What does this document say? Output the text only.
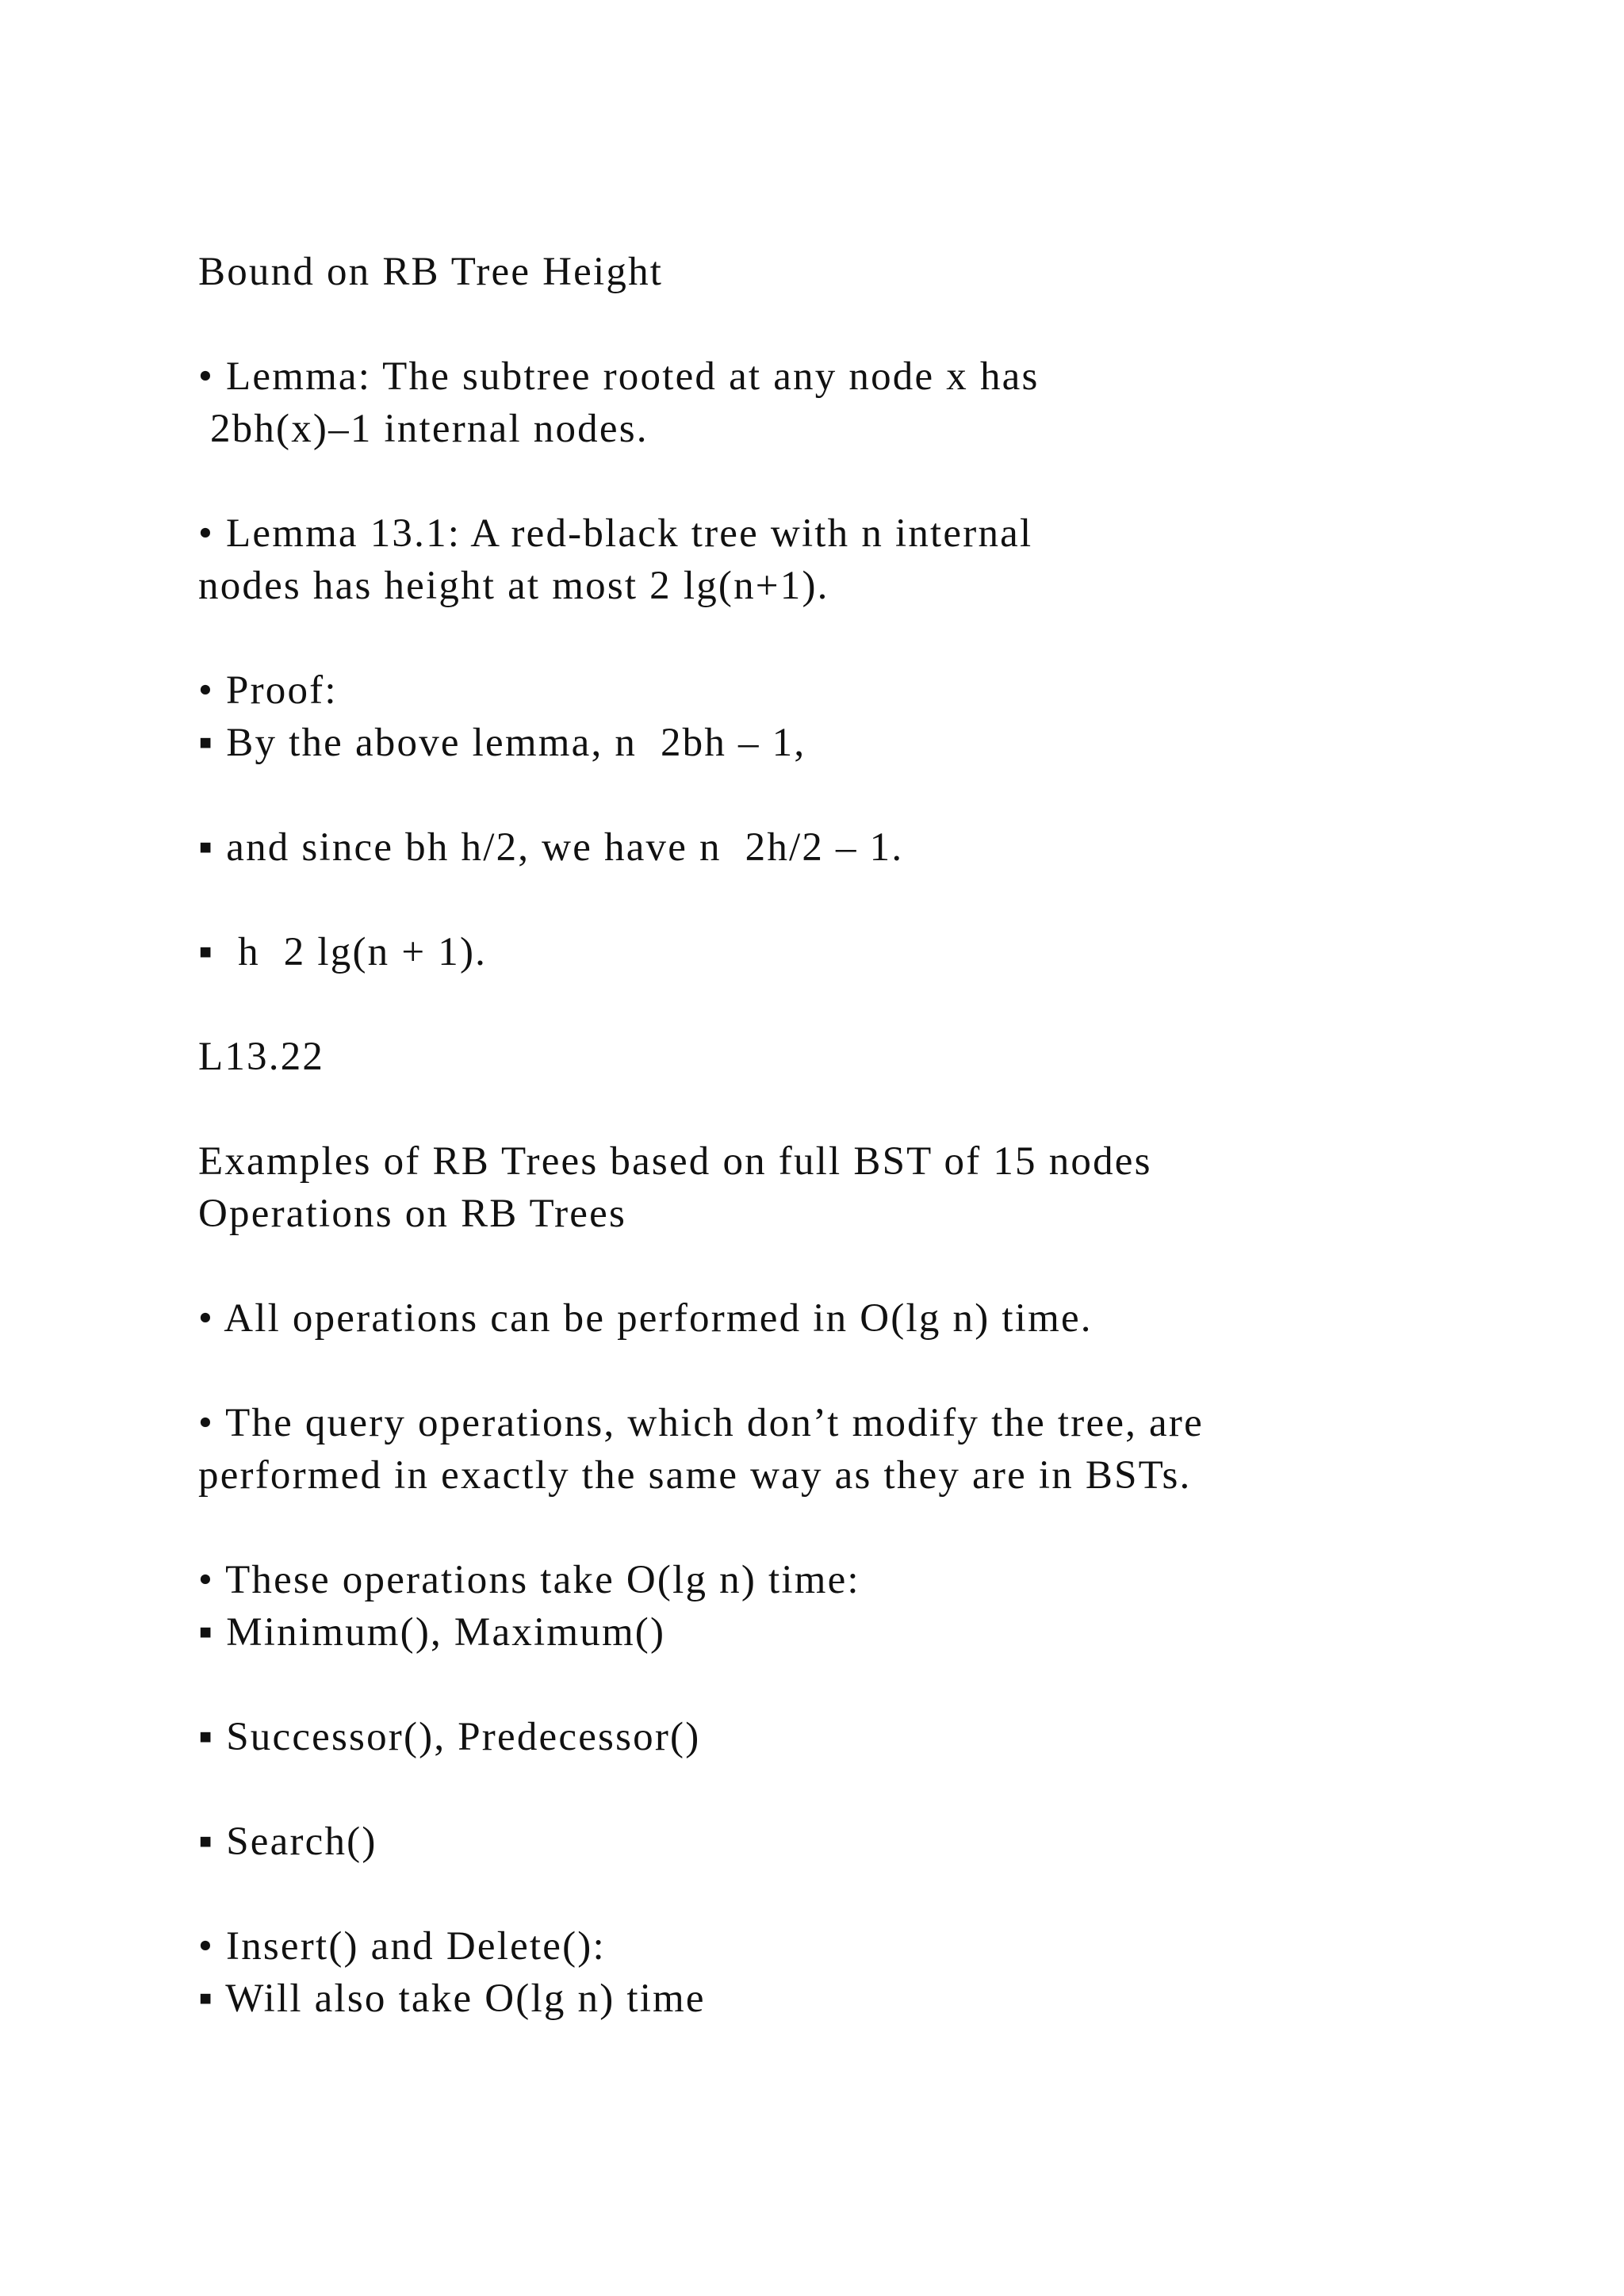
Bound on RB Tree Height
• Lemma: The subtree rooted at any node x has
2bh(x)–1 internal nodes.
• Lemma 13.1: A red-black tree with n internal
nodes has height at most 2 lg(n+1).
• Proof:
▪ By the above lemma, n  2bh – 1,
▪ and since bh h/2, we have n  2h/2 – 1.
▪  h  2 lg(n + 1).
L13.22
Examples of RB Trees based on full BST of 15 nodes
Operations on RB Trees
• All operations can be performed in O(lg n) time.
• The query operations, which don’t modify the tree, are
performed in exactly the same way as they are in BSTs.
• These operations take O(lg n) time:
▪ Minimum(), Maximum()
▪ Successor(), Predecessor()
▪ Search()
• Insert() and Delete():
▪ Will also take O(lg n) time
